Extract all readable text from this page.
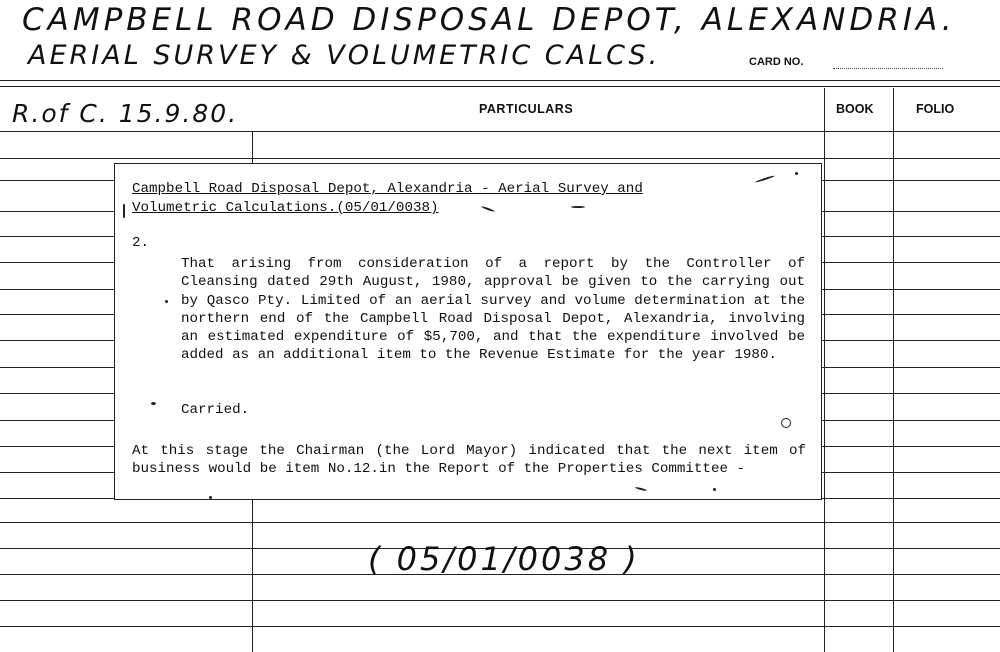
CAMPBELL ROAD DISPOSAL DEPOT, ALEXANDRIA.
AERIAL SURVEY & VOLUMETRIC CALCS.	CARD NO.
R.of C. 15.9.80.	PARTICULARS	BOOK	FOLIO
Campbell Road Disposal Depot, Alexandria - Aerial Survey and
Volumetric Calculations.(05/01/0038)
2.
That arising from consideration of a report by the Controller of Cleansing dated 29th August, 1980, approval be given to the carrying out by Qasco Pty. Limited of an aerial survey and volume determination at the northern end of the Campbell Road Disposal Depot, Alexandria, involving an estimated expenditure of $5,700, and that the expenditure involved be added as an additional item to the Revenue Estimate for the year 1980.
Carried.
At this stage the Chairman (the Lord Mayor) indicated that the next item of business would be item No.12.in the Report of the Properties Committee -
( 05/01/0038 )
